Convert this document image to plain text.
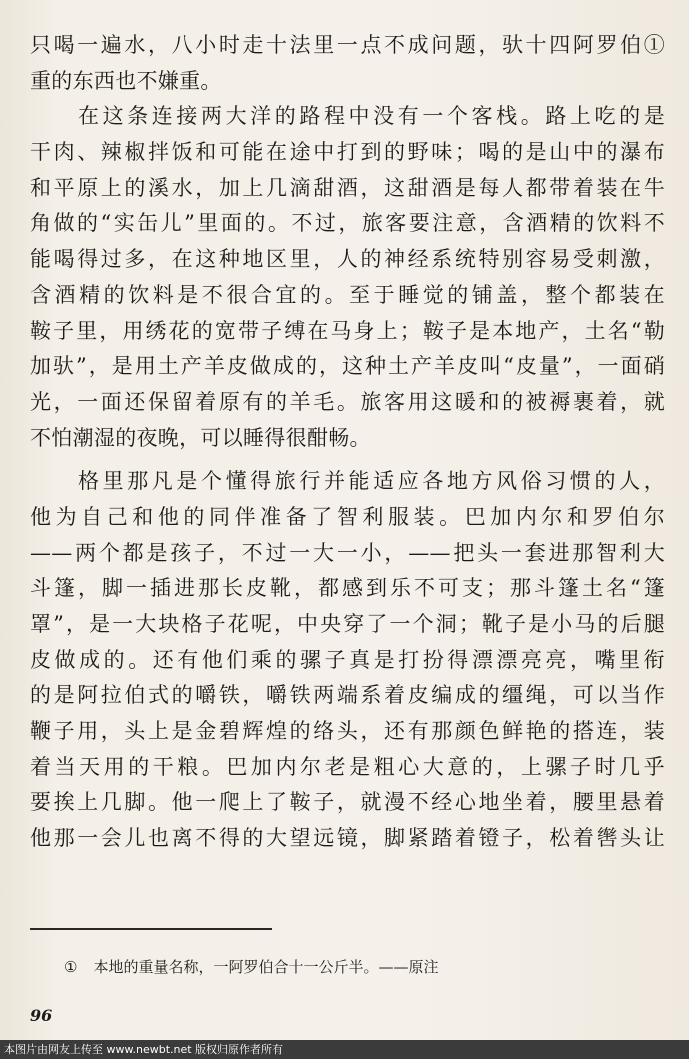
只喝一遍水，八小时走十法里一点不成问题，驮十四阿罗伯①
重的东西也不嫌重。
在这条连接两大洋的路程中没有一个客栈。路上吃的是
干肉、辣椒拌饭和可能在途中打到的野味；喝的是山中的瀑布
和平原上的溪水，加上几滴甜酒，这甜酒是每人都带着装在牛
角做的“实缶儿”里面的。不过，旅客要注意，含酒精的饮料不
能喝得过多，在这种地区里，人的神经系统特别容易受刺激，
含酒精的饮料是不很合宜的。至于睡觉的铺盖，整个都装在
鞍子里，用绣花的宽带子缚在马身上；鞍子是本地产，土名“勒
加驮”，是用土产羊皮做成的，这种土产羊皮叫“皮量”，一面硝
光，一面还保留着原有的羊毛。旅客用这暖和的被褥裹着，就
不怕潮湿的夜晚，可以睡得很酣畅。
格里那凡是个懂得旅行并能适应各地方风俗习惯的人，
他为自己和他的同伴准备了智利服装。巴加内尔和罗伯尔
——两个都是孩子，不过一大一小，——把头一套进那智利大
斗篷，脚一插进那长皮靴，都感到乐不可支；那斗篷土名“篷
罩”，是一大块格子花呢，中央穿了一个洞；靴子是小马的后腿
皮做成的。还有他们乘的骡子真是打扮得漂漂亮亮，嘴里衔
的是阿拉伯式的嚼铁，嚼铁两端系着皮编成的缰绳，可以当作
鞭子用，头上是金碧辉煌的络头，还有那颜色鲜艳的搭连，装
着当天用的干粮。巴加内尔老是粗心大意的，上骡子时几乎
要挨上几脚。他一爬上了鞍子，就漫不经心地坐着，腰里悬着
他那一会儿也离不得的大望远镜，脚紧踏着镫子，松着辔头让
① 本地的重量名称，一阿罗伯合十一公斤半。——原注
96
本图片由网友上传至 www.newbt.net 版权归原作者所有
